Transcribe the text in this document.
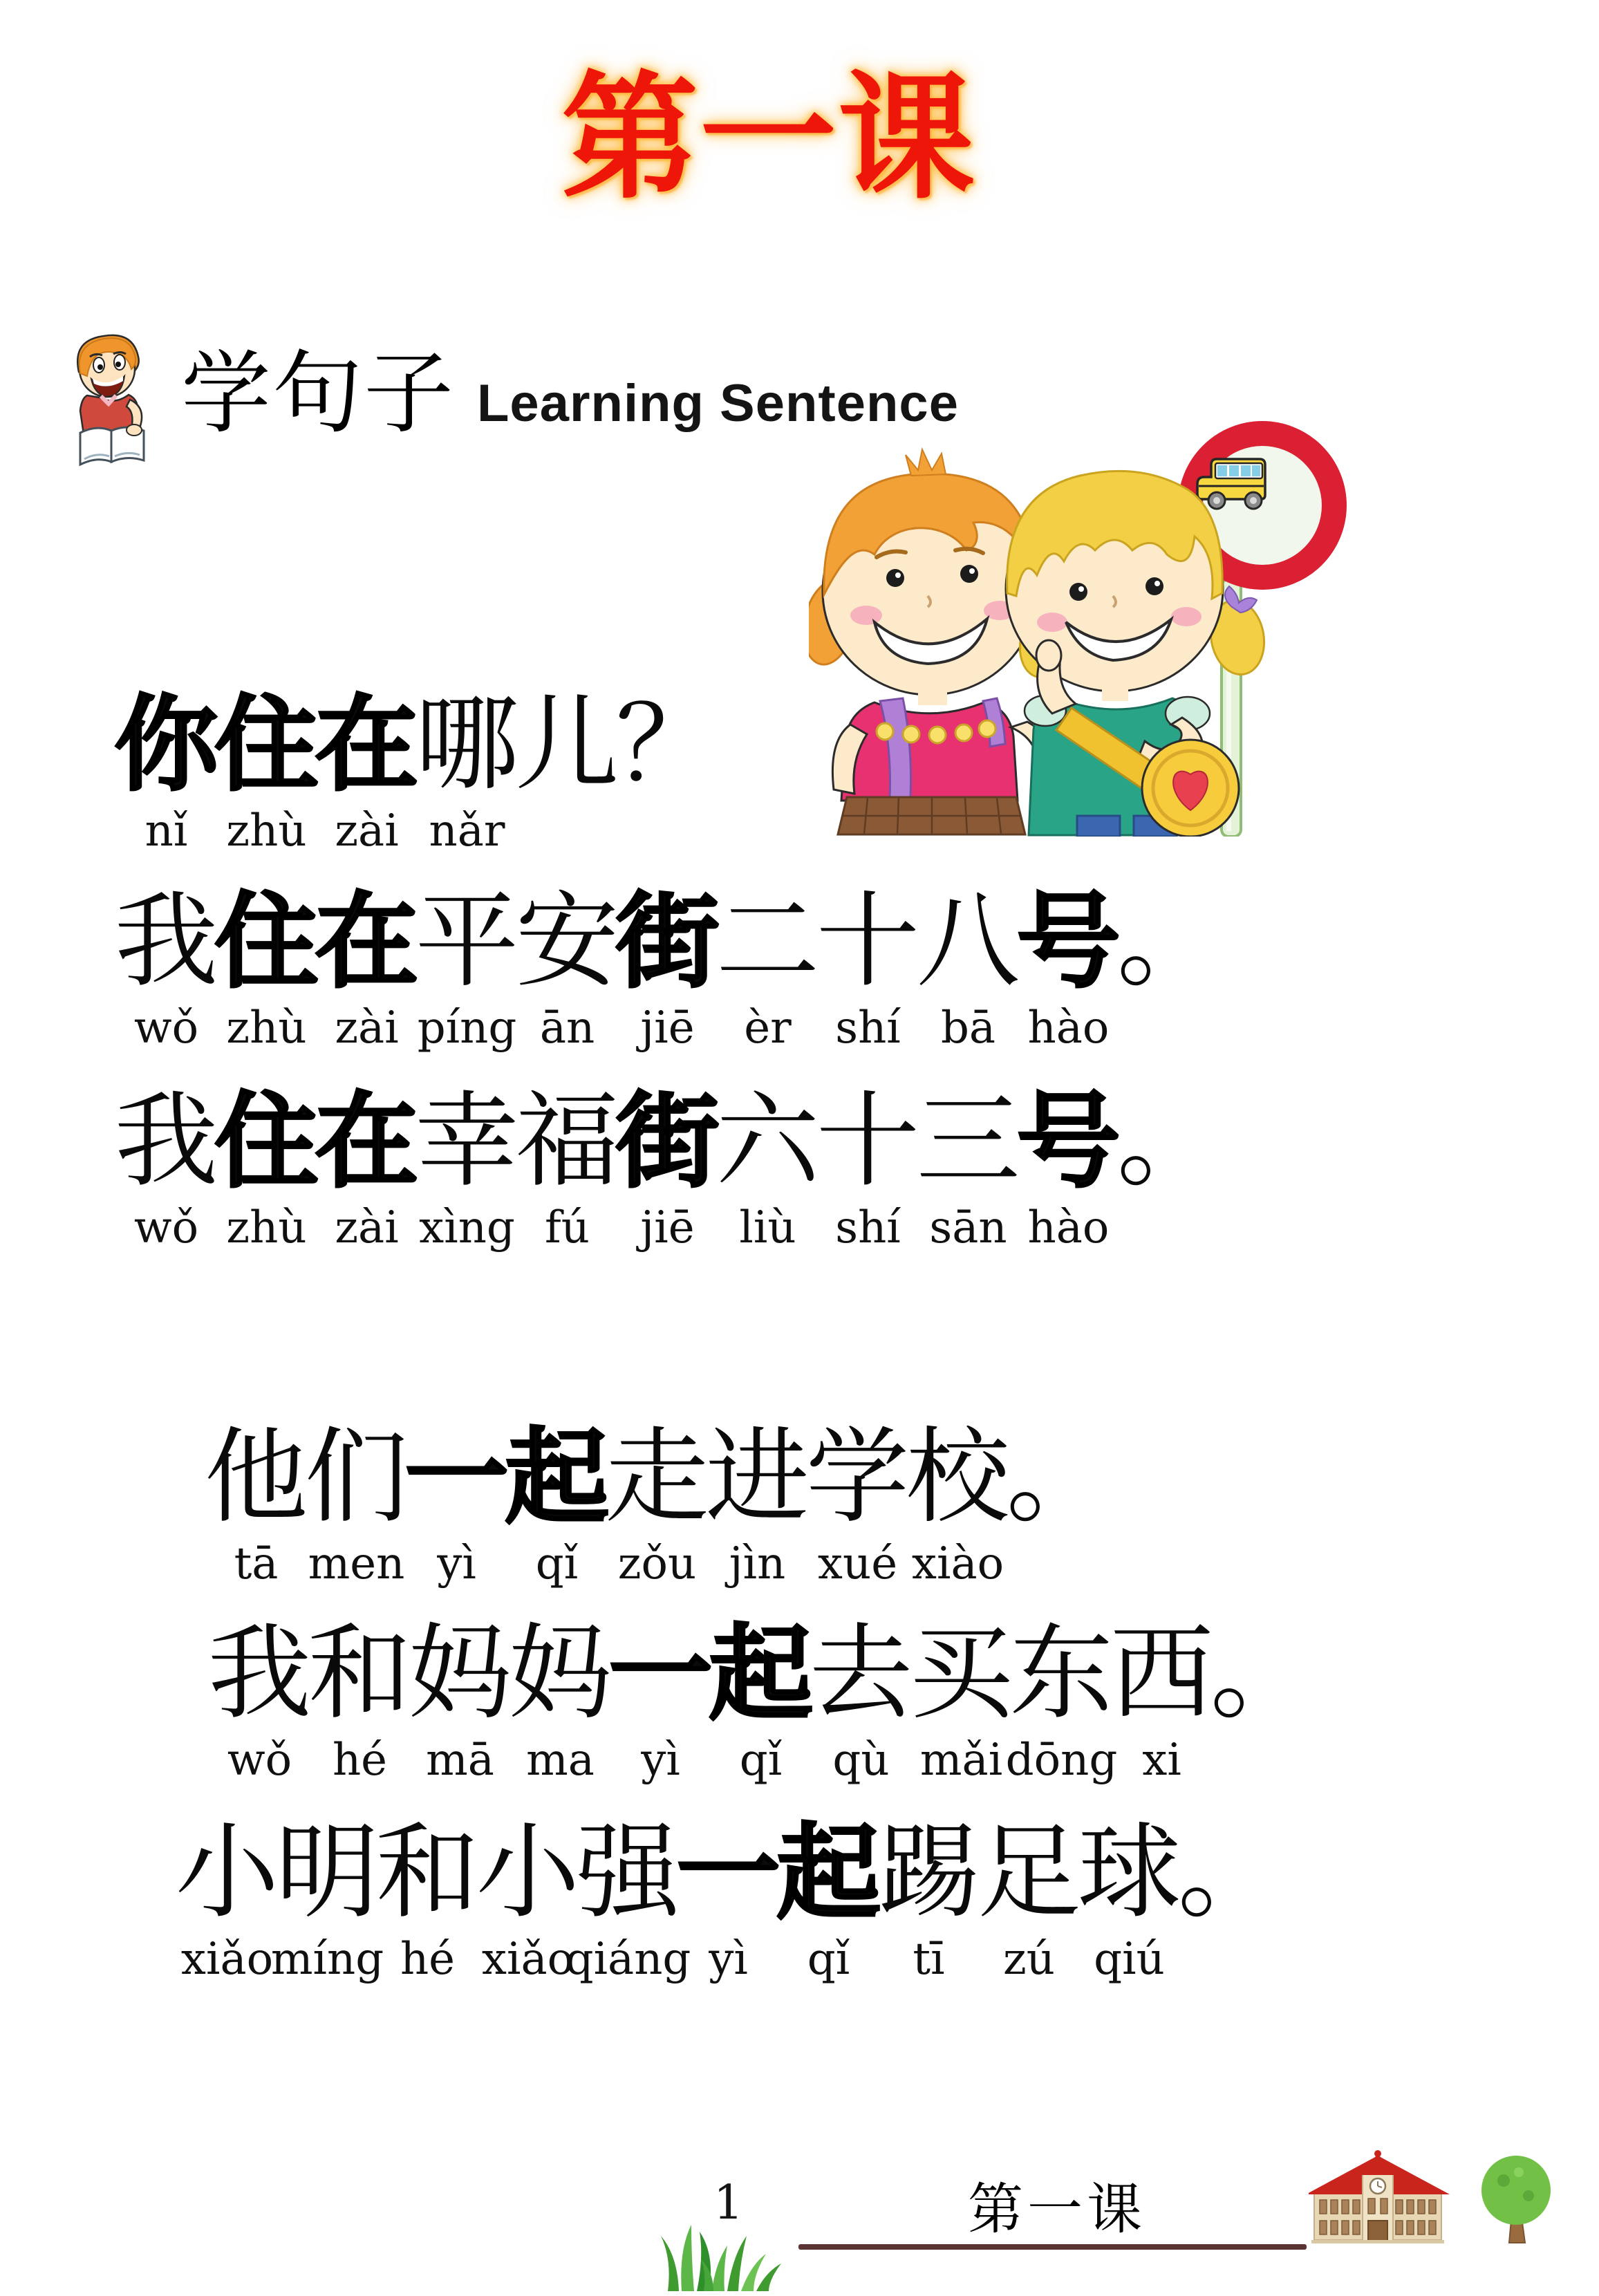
第一课
学句子 Learning Sentence
你
nǐ
住
zhù
在
zài
哪
nǎr
儿
？
我
wǒ
住
zhù
在
zài
平
píng
安
ān
街
jiē
二
èr
十
shí
八
bā
号
hào
。
我
wǒ
住
zhù
在
zài
幸
xìng
福
fú
街
jiē
六
liù
十
shí
三
sān
号
hào
。
他
tā
们
men
一
yì
起
qǐ
走
zǒu
进
jìn
学
xué
校
xiào
。
我
wǒ
和
hé
妈
mā
妈
ma
一
yì
起
qǐ
去
qù
买
mǎi
东
dōng
西
xi
。
小
xiǎo
明
míng
和
hé
小
xiǎo
强
qiáng
一
yì
起
qǐ
踢
tī
足
zú
球
qiú
。
1	第一课
